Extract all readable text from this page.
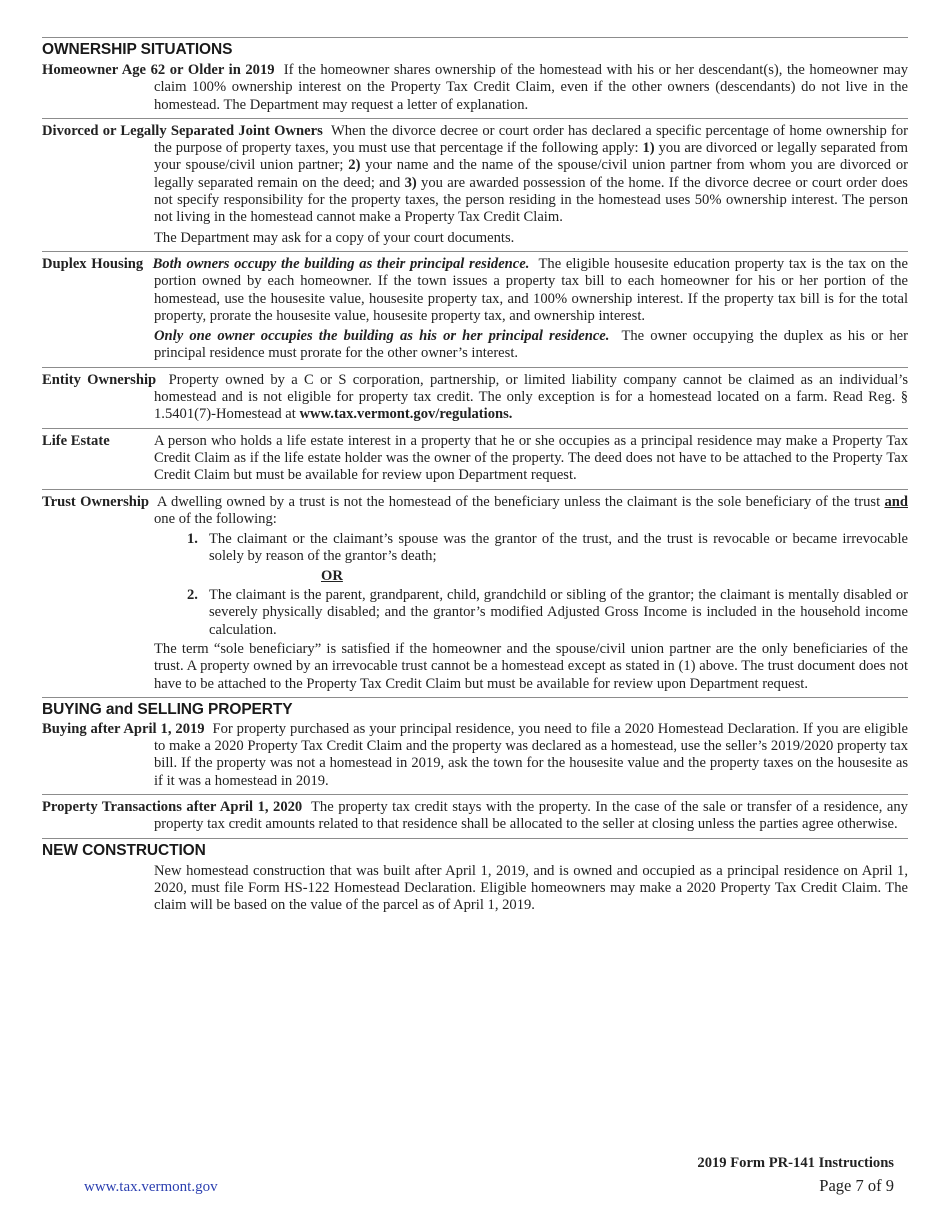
OWNERSHIP SITUATIONS

Homeowner Age 62 or Older in 2019 If the homeowner shares ownership of the homestead with his or her descendant(s), the homeowner may claim 100% ownership interest on the Property Tax Credit Claim, even if the other owners (descendants) do not live in the homestead. The Department may request a letter of explanation.

Divorced or Legally Separated Joint Owners When the divorce decree or court order has declared a specific percentage of home ownership for the purpose of property taxes, you must use that percentage if the following apply: 1) you are divorced or legally separated from your spouse/civil union partner; 2) your name and the name of the spouse/civil union partner from whom you are divorced or legally separated remain on the deed; and 3) you are awarded possession of the home. If the divorce decree or court order does not specify responsibility for the property taxes, the person residing in the homestead uses 50% ownership interest. The person not living in the homestead cannot make a Property Tax Credit Claim.

The Department may ask for a copy of your court documents.

Duplex Housing Both owners occupy the building as their principal residence. The eligible housesite education property tax is the tax on the portion owned by each homeowner. If the town issues a property tax bill to each homeowner for his or her portion of the homestead, use the housesite value, housesite property tax, and 100% ownership interest. If the property tax bill is for the total property, prorate the housesite value, housesite property tax, and ownership interest.

Only one owner occupies the building as his or her principal residence. The owner occupying the duplex as his or her principal residence must prorate for the other owner’s interest.

Entity Ownership Property owned by a C or S corporation, partnership, or limited liability company cannot be claimed as an individual’s homestead and is not eligible for property tax credit. The only exception is for a homestead located on a farm. Read Reg. § 1.5401(7)-Homestead at www.tax.vermont.gov/regulations.

Life Estate	A person who holds a life estate interest in a property that he or she occupies as a principal residence may make a Property Tax Credit Claim as if the life estate holder was the owner of the property. The deed does not have to be attached to the Property Tax Credit Claim but must be available for review upon Department request.

Trust Ownership A dwelling owned by a trust is not the homestead of the beneficiary unless the claimant is the sole beneficiary of the trust and one of the following:

1. The claimant or the claimant’s spouse was the grantor of the trust, and the trust is revocable or became irrevocable solely by reason of the grantor’s death;
OR
2. The claimant is the parent, grandparent, child, grandchild or sibling of the grantor; the claimant is mentally disabled or severely physically disabled; and the grantor’s modified Adjusted Gross Income is included in the household income calculation.

The term “sole beneficiary” is satisfied if the homeowner and the spouse/civil union partner are the only beneficiaries of the trust. A property owned by an irrevocable trust cannot be a homestead except as stated in (1) above. The trust document does not have to be attached to the Property Tax Credit Claim but must be available for review upon Department request.

BUYING and SELLING PROPERTY

Buying after April 1, 2019 For property purchased as your principal residence, you need to file a 2020 Homestead Declaration. If you are eligible to make a 2020 Property Tax Credit Claim and the property was declared as a homestead, use the seller’s 2019/2020 property tax bill. If the property was not a homestead in 2019, ask the town for the housesite value and the property taxes on the housesite as if it was a homestead in 2019.

Property Transactions after April 1, 2020 The property tax credit stays with the property. In the case of the sale or transfer of a residence, any property tax credit amounts related to that residence shall be allocated to the seller at closing unless the parties agree otherwise.

NEW CONSTRUCTION

New homestead construction that was built after April 1, 2019, and is owned and occupied as a principal residence on April 1, 2020, must file Form HS-122 Homestead Declaration. Eligible homeowners may make a 2020 Property Tax Credit Claim. The claim will be based on the value of the parcel as of April 1, 2019.

2019 Form PR-141 Instructions
Page 7 of 9
www.tax.vermont.gov
